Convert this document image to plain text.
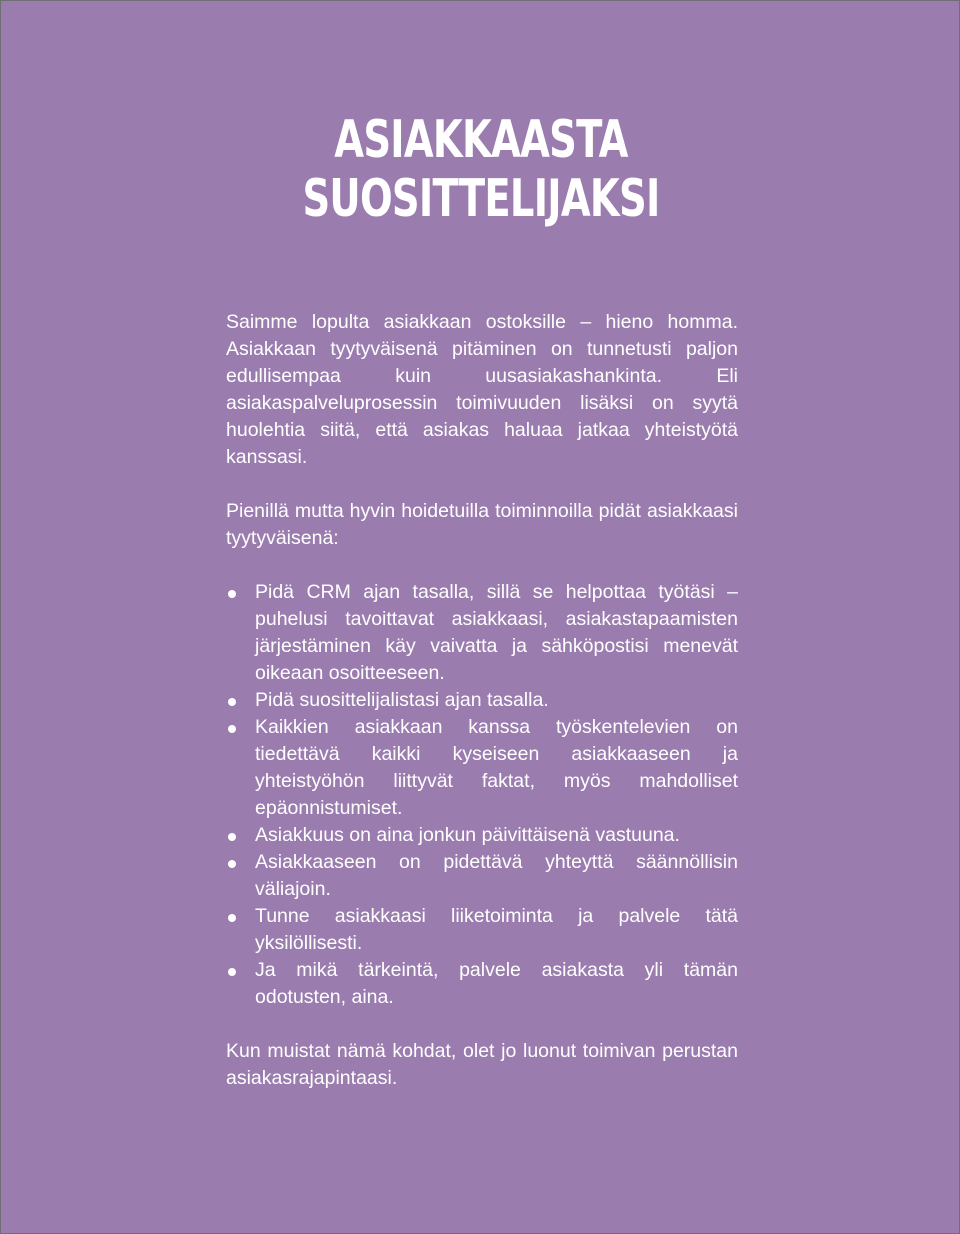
ASIAKKAASTA
SUOSITTELIJAKSI

Saimme lopulta asiakkaan ostoksille – hieno homma. Asiakkaan tyytyväisenä pitäminen on tunnetusti paljon edullisempaa kuin uusasiakashankinta. Eli asiakaspalveluprosessin toimivuuden lisäksi on syytä huolehtia siitä, että asiakas haluaa jatkaa yhteistyötä kanssasi.

Pienillä mutta hyvin hoidetuilla toiminnoilla pidät asiakkaasi tyytyväisenä:

Pidä CRM ajan tasalla, sillä se helpottaa työtäsi – puhelusi tavoittavat asiakkaasi, asiakastapaamisten järjestäminen käy vaivatta ja sähköpostisi menevät oikeaan osoitteeseen.
Pidä suosittelijalistasi ajan tasalla.
Kaikkien asiakkaan kanssa työskentelevien on tiedettävä kaikki kyseiseen asiakkaaseen ja yhteistyöhön liittyvät faktat, myös mahdolliset epäonnistumiset.
Asiakkuus on aina jonkun päivittäisenä vastuuna.
Asiakkaaseen on pidettävä yhteyttä säännöllisin väliajoin.
Tunne asiakkaasi liiketoiminta ja palvele tätä yksilöllisesti.
Ja mikä tärkeintä, palvele asiakasta yli tämän odotusten, aina.

Kun muistat nämä kohdat, olet jo luonut toimivan perustan asiakasrajapintaasi.
